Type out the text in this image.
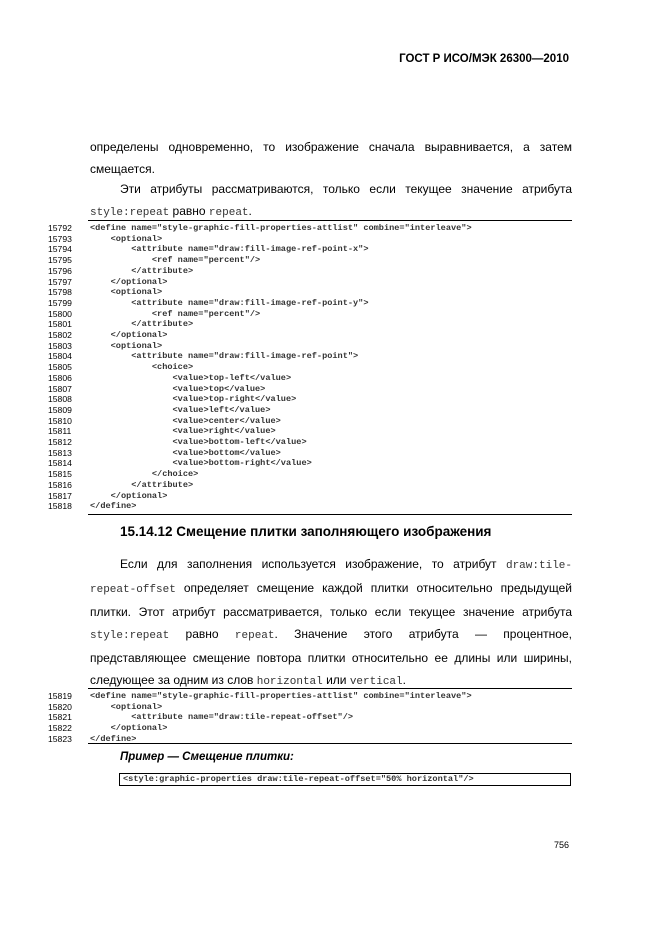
ГОСТ Р ИСО/МЭК 26300—2010
определены одновременно, то изображение сначала выравнивается, а затем смещается.
Эти атрибуты рассматриваются, только если текущее значение атрибута style:repeat равно repeat.
15792	<define name="style-graphic-fill-properties-attlist" combine="interleave">
15793	<optional>
15794	<attribute name="draw:fill-image-ref-point-x">
15795	<ref name="percent"/>
15796	</attribute>
15797	</optional>
15798	<optional>
15799	<attribute name="draw:fill-image-ref-point-y">
15800	<ref name="percent"/>
15801	</attribute>
15802	</optional>
15803	<optional>
15804	<attribute name="draw:fill-image-ref-point">
15805	<choice>
15806	<value>top-left</value>
15807	<value>top</value>
15808	<value>top-right</value>
15809	<value>left</value>
15810	<value>center</value>
15811	<value>right</value>
15812	<value>bottom-left</value>
15813	<value>bottom</value>
15814	<value>bottom-right</value>
15815	</choice>
15816	</attribute>
15817	</optional>
15818	</define>
15.14.12 Смещение плитки заполняющего изображения
Если для заполнения используется изображение, то атрибут draw:tile-repeat-offset определяет смещение каждой плитки относительно предыдущей плитки. Этот атрибут рассматривается, только если текущее значение атрибута style:repeat равно repeat. Значение этого атрибута — процентное, представляющее смещение повтора плитки относительно ее длины или ширины, следующее за одним из слов horizontal или vertical.
15819	<define name="style-graphic-fill-properties-attlist" combine="interleave">
15820	<optional>
15821	<attribute name="draw:tile-repeat-offset"/>
15822	</optional>
15823	</define>
Пример — Смещение плитки:
<style:graphic-properties draw:tile-repeat-offset="50% horizontal"/>
756
